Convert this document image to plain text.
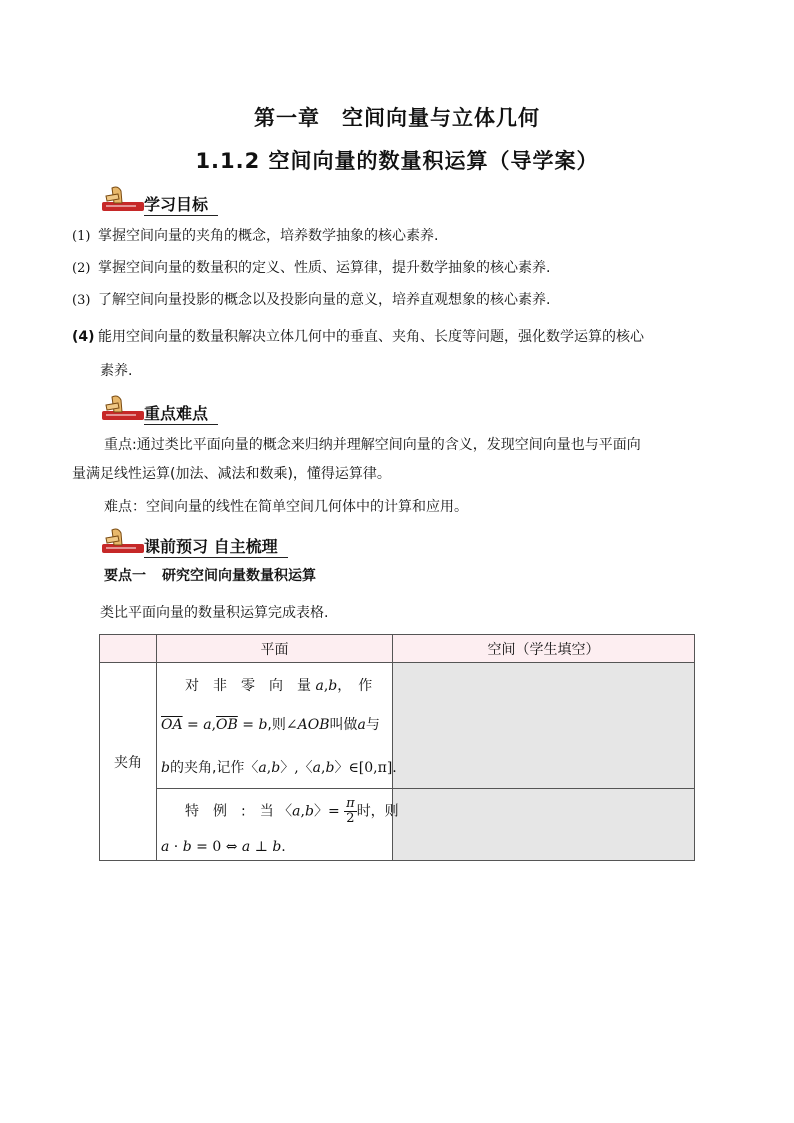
第一章　空间向量与立体几何
1.1.2 空间向量的数量积运算（导学案）
学习目标
(1) 掌握空间向量的夹角的概念，培养数学抽象的核心素养.
(2) 掌握空间向量的数量积的定义、性质、运算律，提升数学抽象的核心素养.
(3) 了解空间向量投影的概念以及投影向量的意义，培养直观想象的核心素养.
(4) 能用空间向量的数量积解决立体几何中的垂直、夹角、长度等问题，强化数学运算的核心
素养.
重点难点
重点:通过类比平面向量的概念来归纳并理解空间向量的含义，发现空间向量也与平面向
量满足线性运算(加法、减法和数乘)，懂得运算律。
难点：空间向量的线性在简单空间几何体中的计算和应用。
课前预习 自主梳理
要点一 研究空间向量数量积运算
类比平面向量的数量积运算完成表格.
	平面	空间（学生填空）
夹角	对　非　零　向　量 a,b，　作
$\overline{OA} = a,\overline{OB} = b$,则∠AOB叫做a与
b的夹角,记作〈a,b〉,〈a,b〉∈[0,π].	

	特　例　:　当 〈a,b〉= $\frac{\pi}{2}$ 时，则
a · b = 0 ⇔ a ⊥ b.	
